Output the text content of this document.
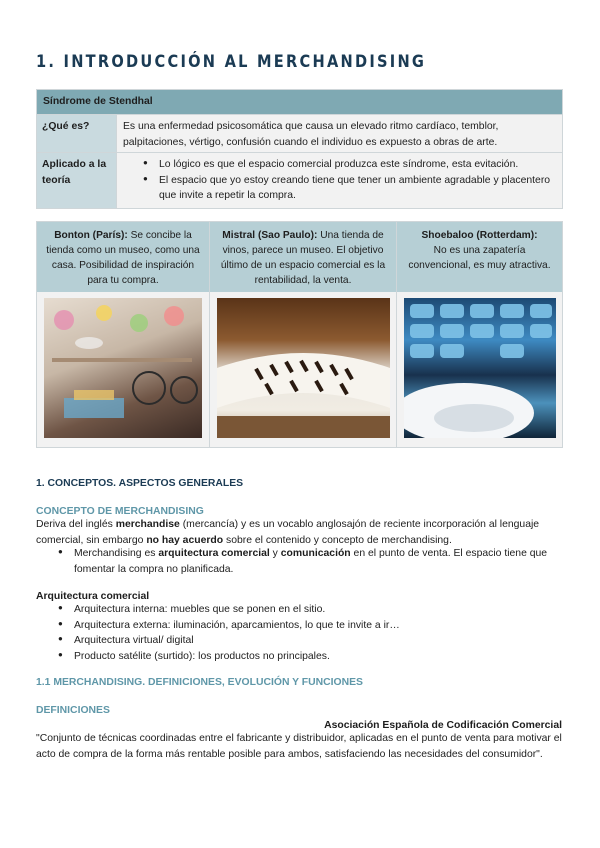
1. INTRODUCCIÓN AL MERCHANDISING
Síndrome de Stendhal
¿Qué es?	Es una enfermedad psicosomática que causa un elevado ritmo cardíaco, temblor, palpitaciones, vértigo, confusión cuando el individuo es expuesto a obras de arte.
Aplicado a la teoría
● Lo lógico es que el espacio comercial produzca este síndrome, esta evitación.
● El espacio que yo estoy creando tiene que tener un ambiente agradable y placentero que invite a repetir la compra.
Bonton (París): Se concibe la tienda como un museo, como una casa. Posibilidad de inspiración para tu compra.
Mistral (Sao Paulo): Una tienda de vinos, parece un museo. El objetivo último de un espacio comercial es la rentabilidad, la venta.
Shoebaloo (Rotterdam):
No es una zapatería convencional, es muy atractiva.
1. CONCEPTOS. ASPECTOS GENERALES
CONCEPTO DE MERCHANDISING
Deriva del inglés merchandise (mercancía) y es un vocablo anglosajón de reciente incorporación al lenguaje comercial, sin embargo no hay acuerdo sobre el contenido y concepto de merchandising.
● Merchandising es arquitectura comercial y comunicación en el punto de venta. El espacio tiene que fomentar la compra no planificada.
Arquitectura comercial
● Arquitectura interna: muebles que se ponen en el sitio.
● Arquitectura externa: iluminación, aparcamientos, lo que te invite a ir…
● Arquitectura virtual/ digital
● Producto satélite (surtido): los productos no principales.
1.1 MERCHANDISING. DEFINICIONES, EVOLUCIÓN Y FUNCIONES
DEFINICIONES
Asociación Española de Codificación Comercial
"Conjunto de técnicas coordinadas entre el fabricante y distribuidor, aplicadas en el punto de venta para motivar el acto de compra de la forma más rentable posible para ambos, satisfaciendo las necesidades del consumidor".
